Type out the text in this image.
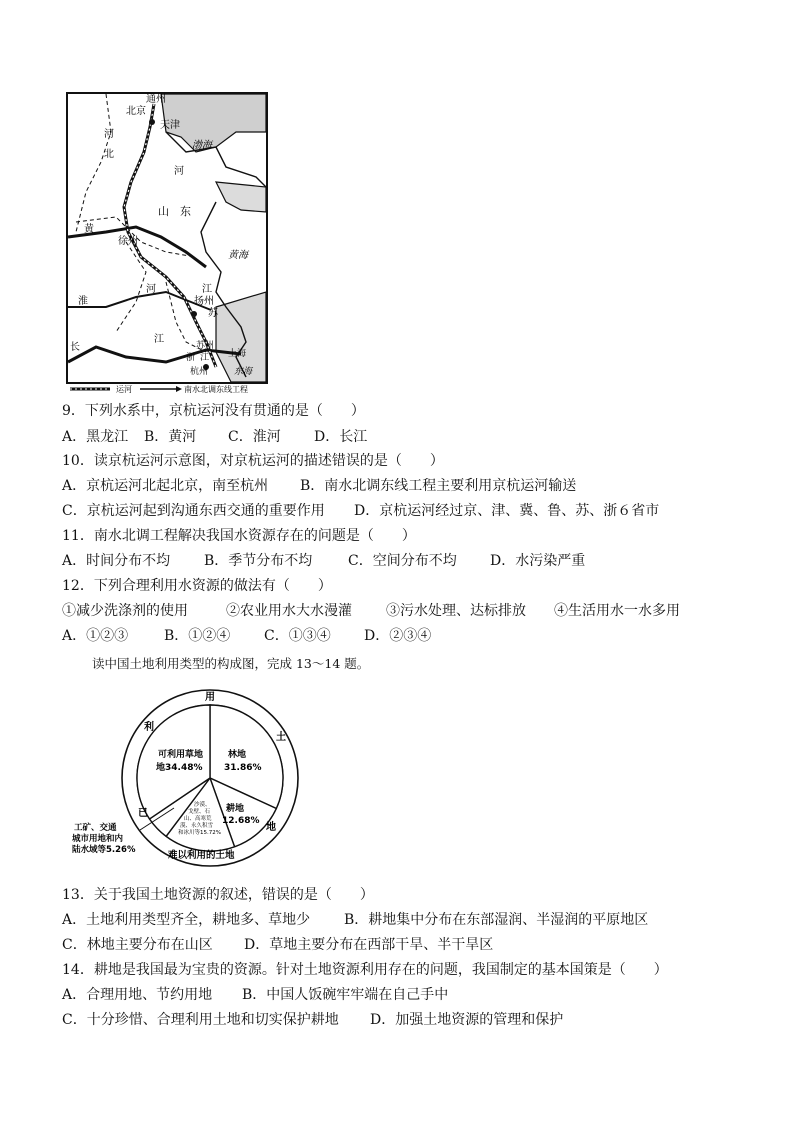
通州
北京
天津
渤海
河
北
河
山 东
黄
徐州
黄海
淮
河	江
扬州
苏
长
江
苏州
浙 江 上海
杭州	东海
运河	南水北调东线工程
9．下列水系中，京杭运河没有贯通的是（　　）
A．黑龙江 B．黄河 C．淮河 D．长江
10．读京杭运河示意图，对京杭运河的描述错误的是（　　）
A．京杭运河北起北京，南至杭州 B．南水北调东线工程主要利用京杭运河输送
C．京杭运河起到沟通东西交通的重要作用 D．京杭运河经过京、津、冀、鲁、苏、浙６省市
11．南水北调工程解决我国水资源存在的问题是（　　）
A．时间分布不均 B．季节分布不均	C．空间分布不均 D．水污染严重
12．下列合理利用水资源的做法有（　　）
①减少洗涤剂的使用	②农业用水大水漫灌 ③污水处理、达标排放 ④生活用水一水多用
A．①②③	B．①②④ C．①③④ D．②③④
读中国土地利用类型的构成图，完成 13～14 题。
用
土
地
难以利用的土地
已
利
可利用草地
地34.48%
林地
31.86%
耕地
12.68%
沙漠、
戈壁、石
山、高寒荒
漠、永久积雪
和冰川等15.72%
工矿、交通
城市用地和内
陆水域等5.26%
13．关于我国土地资源的叙述，错误的是（　　）
A．土地利用类型齐全，耕地多、草地少 B．耕地集中分布在东部湿润、半湿润的平原地区
C．林地主要分布在山区 D．草地主要分布在西部干旱、半干旱区
14．耕地是我国最为宝贵的资源。针对土地资源利用存在的问题，我国制定的基本国策是（　　）
A．合理用地、节约用地 B．中国人饭碗牢牢端在自己手中
C．十分珍惜、合理利用土地和切实保护耕地 D．加强土地资源的管理和保护
